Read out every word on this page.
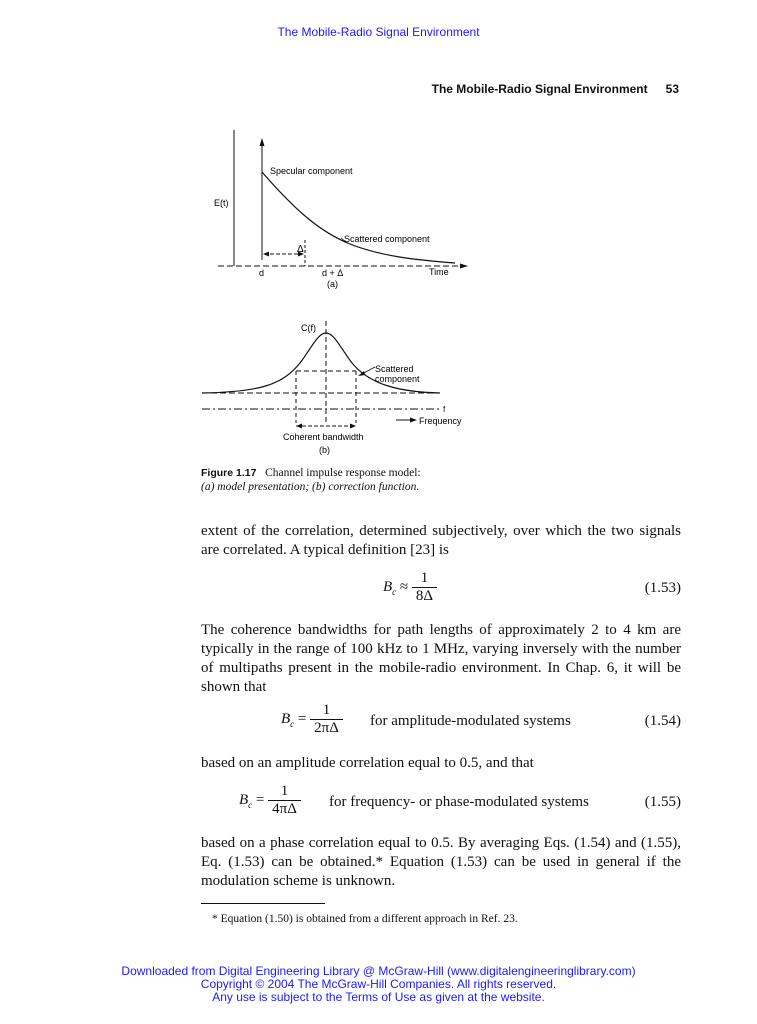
The Mobile-Radio Signal Environment
The Mobile-Radio Signal Environment 53
E(t)
Specular component
Scattered component
Δ
d	d + Δ	Time
(a)
C(f)
Scattered
component
f
Frequency
Coherent bandwidth
(b)
Figure 1.17 Channel impulse response model:
(a) model presentation; (b) correction function.
extent of the correlation, determined subjectively, over which the two signals are correlated. A typical definition [23] is
$B_c \approx \frac{1}{8\Delta}$	(1.53)
The coherence bandwidths for path lengths of approximately 2 to 4 km are typically in the range of 100 kHz to 1 MHz, varying inversely with the number of multipaths present in the mobile-radio environment. In Chap. 6, it will be shown that
$B_c = \frac{1}{2\pi\Delta}$ for amplitude-modulated systems	(1.54)
based on an amplitude correlation equal to 0.5, and that
$B_c = \frac{1}{4\pi\Delta}$ for frequency- or phase-modulated systems	(1.55)
based on a phase correlation equal to 0.5. By averaging Eqs. (1.54) and (1.55), Eq. (1.53) can be obtained.* Equation (1.53) can be used in general if the modulation scheme is unknown.
* Equation (1.50) is obtained from a different approach in Ref. 23.
Downloaded from Digital Engineering Library @ McGraw-Hill (www.digitalengineeringlibrary.com)
Copyright © 2004 The McGraw-Hill Companies. All rights reserved.
Any use is subject to the Terms of Use as given at the website.
